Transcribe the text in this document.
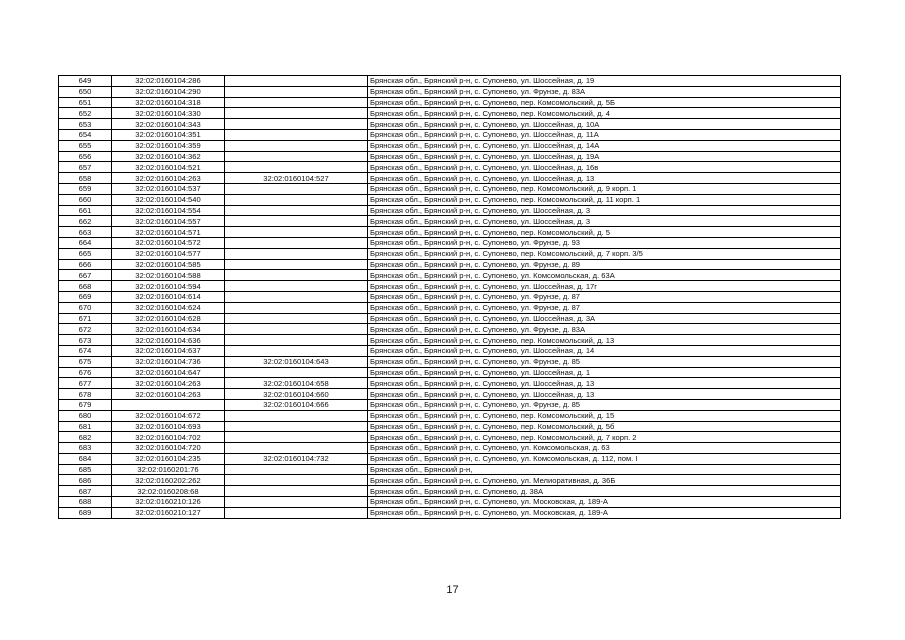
649	32:02:0160104:286		Брянская обл., Брянский р-н, с. Супонево, ул. Шоссейная, д. 19
650	32:02:0160104:290		Брянская обл., Брянский р-н, с. Супонево, ул. Фрунзе, д. 83А
651	32:02:0160104:318		Брянская обл., Брянский р-н, с. Супонево, пер. Комсомольский, д. 5Б
652	32:02:0160104:330		Брянская обл., Брянский р-н, с. Супонево, пер. Комсомольский, д. 4
653	32:02:0160104:343		Брянская обл., Брянский р-н, с. Супонево, ул. Шоссейная, д. 10А
654	32:02:0160104:351		Брянская обл., Брянский р-н, с. Супонево, ул. Шоссейная, д. 11А
655	32:02:0160104:359		Брянская обл., Брянский р-н, с. Супонево, ул. Шоссейная, д. 14А
656	32:02:0160104:362		Брянская обл., Брянский р-н, с. Супонево, ул. Шоссейная, д. 19А
657	32:02:0160104:521		Брянская обл., Брянский р-н, с. Супонево, ул. Шоссейная, д. 16в
658	32:02:0160104:263	32:02:0160104:527	Брянская обл., Брянский р-н, с. Супонево, ул. Шоссейная, д. 13
659	32:02:0160104:537		Брянская обл., Брянский р-н, с. Супонево, пер. Комсомольский, д. 9 корп. 1
660	32:02:0160104:540		Брянская обл., Брянский р-н, с. Супонево, пер. Комсомольский, д. 11 корп. 1
661	32:02:0160104:554		Брянская обл., Брянский р-н, с. Супонево, ул. Шоссейная, д. 3
662	32:02:0160104:557		Брянская обл., Брянский р-н, с. Супонево, ул. Шоссейная, д. 3
663	32:02:0160104:571		Брянская обл., Брянский р-н, с. Супонево, пер. Комсомольский, д. 5
664	32:02:0160104:572		Брянская обл., Брянский р-н, с. Супонево, ул. Фрунзе, д. 93
665	32:02:0160104:577		Брянская обл., Брянский р-н, с. Супонево, пер. Комсомольский, д. 7 корп. 3/5
666	32:02:0160104:585		Брянская обл., Брянский р-н, с. Супонево, ул. Фрунзе, д. 89
667	32:02:0160104:588		Брянская обл., Брянский р-н, с. Супонево, ул. Комсомольская, д. 63А
668	32:02:0160104:594		Брянская обл., Брянский р-н, с. Супонево, ул. Шоссейная, д. 17г
669	32:02:0160104:614		Брянская обл., Брянский р-н, с. Супонево, ул. Фрунзе, д. 87
670	32:02:0160104:624		Брянская обл., Брянский р-н, с. Супонево, ул. Фрунзе, д. 87
671	32:02:0160104:628		Брянская обл., Брянский р-н, с. Супонево, ул. Шоссейная, д. 3А
672	32:02:0160104:634		Брянская обл., Брянский р-н, с. Супонево, ул. Фрунзе, д. 83А
673	32:02:0160104:636		Брянская обл., Брянский р-н, с. Супонево, пер. Комсомольский, д. 13
674	32:02:0160104:637		Брянская обл., Брянский р-н, с. Супонево, ул. Шоссейная, д. 14
675	32:02:0160104:736	32:02:0160104:643	Брянская обл., Брянский р-н, с. Супонево, ул. Фрунзе, д. 85
676	32:02:0160104:647		Брянская обл., Брянский р-н, с. Супонево, ул. Шоссейная, д. 1
677	32:02:0160104:263	32:02:0160104:658	Брянская обл., Брянский р-н, с. Супонево, ул. Шоссейная, д. 13
678	32:02:0160104:263	32:02:0160104:660	Брянская обл., Брянский р-н, с. Супонево, ул. Шоссейная, д. 13
679		32:02:0160104:666	Брянская обл., Брянский р-н, с. Супонево, ул. Фрунзе, д. 85
680	32:02:0160104:672		Брянская обл., Брянский р-н, с. Супонево, пер. Комсомольский, д. 15
681	32:02:0160104:693		Брянская обл., Брянский р-н, с. Супонево, пер. Комсомольский, д. 5б
682	32:02:0160104:702		Брянская обл., Брянский р-н, с. Супонево, пер. Комсомольский, д. 7 корп. 2
683	32:02:0160104:720		Брянская обл., Брянский р-н, с. Супонево, ул. Комсомольская, д. 63
684	32:02:0160104:235	32:02:0160104:732	Брянская обл., Брянский р-н, с. Супонево, ул. Комсомольская, д. 112, пом. I
685	32:02:0160201:76		Брянская обл., Брянский р-н,
686	32:02:0160202:262		Брянская обл., Брянский р-н, с. Супонево, ул. Мелиоративная, д. 36Б
687	32:02:0160208:68		Брянская обл., Брянский р-н, с. Супонево, д. 38А
688	32:02:0160210:126		Брянская обл., Брянский р-н, с. Супонево, ул. Московская, д. 189-А
689	32:02:0160210:127		Брянская обл., Брянский р-н, с. Супонево, ул. Московская, д. 189-А
17
